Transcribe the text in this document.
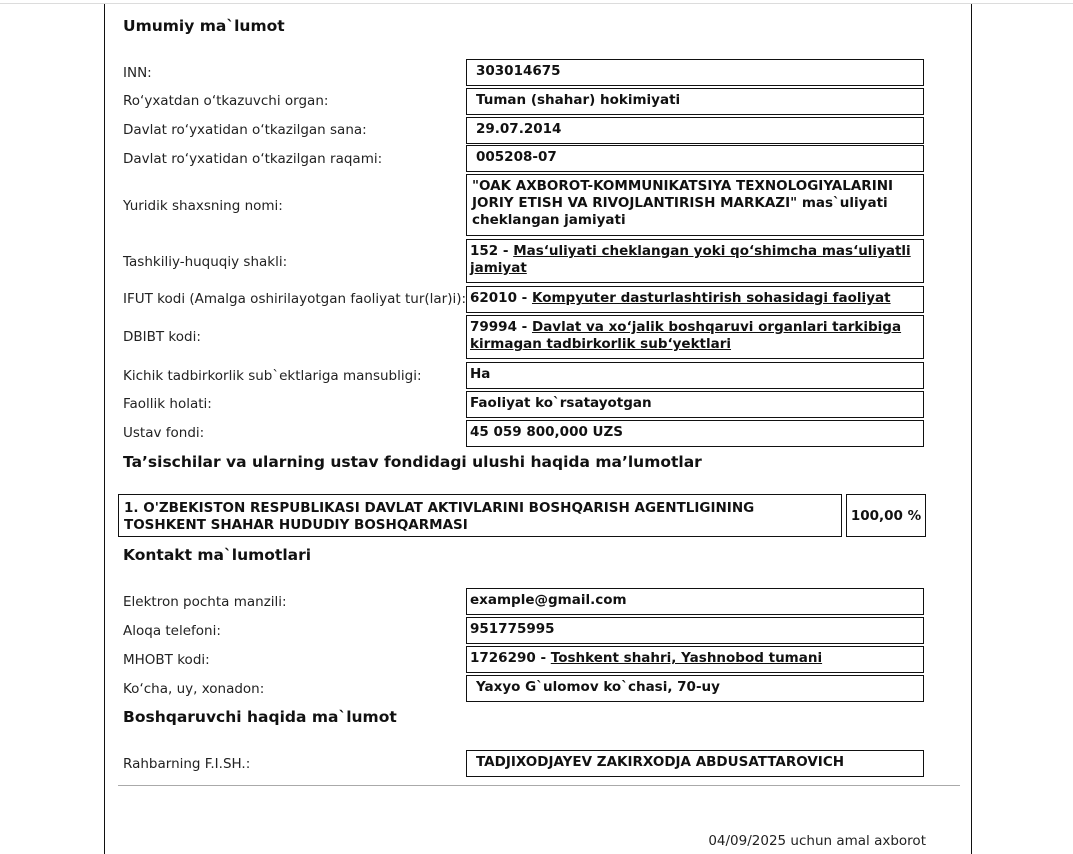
Umumiy ma`lumot
INN:	303014675
Ro‘yxatdan o‘tkazuvchi organ:	Tuman (shahar) hokimiyati
Davlat ro‘yxatidan o‘tkazilgan sana:	29.07.2014
Davlat ro‘yxatidan o‘tkazilgan raqami:	005208-07
Yuridik shaxsning nomi:
"OAK AXBOROT-KOMMUNIKATSIYA TEXNOLOGIYALARINI JORIY ETISH VA RIVOJLANTIRISH MARKAZI" mas`uliyati cheklangan jamiyati
Tashkiliy-huquqiy shakli:
152 - Mas‘uliyati cheklangan yoki qo‘shimcha mas‘uliyatli jamiyat
IFUT kodi (Amalga oshirilayotgan faoliyat tur(lar)i): 62010 - Kompyuter dasturlashtirish sohasidagi faoliyat
DBIBT kodi:
79994 - Davlat va xo‘jalik boshqaruvi organlari tarkibiga kirmagan tadbirkorlik sub‘yektlari
Kichik tadbirkorlik sub`ektlariga mansubligi:	Ha
Faollik holati:	Faoliyat ko`rsatayotgan
Ustav fondi:	45 059 800,000 UZS
Ta’sischilar va ularning ustav fondidagi ulushi haqida ma’lumotlar
1. O'ZBEKISTON RESPUBLIKASI DAVLAT AKTIVLARINI BOSHQARISH AGENTLIGINING TOSHKENT SHAHAR HUDUDIY BOSHQARMASI
100,00 %
Kontakt ma`lumotlari
Elektron pochta manzili:	example@gmail.com
Aloqa telefoni:	951775995
MHOBT kodi:	1726290 - Toshkent shahri, Yashnobod tumani
Ko‘cha, uy, xonadon:	Yaxyo G`ulomov ko`chasi, 70-uy
Boshqaruvchi haqida ma`lumot
Rahbarning F.I.SH.:	TADJIXODJAYEV ZAKIRXODJA ABDUSATTAROVICH
04/09/2025 uchun amal axborot
